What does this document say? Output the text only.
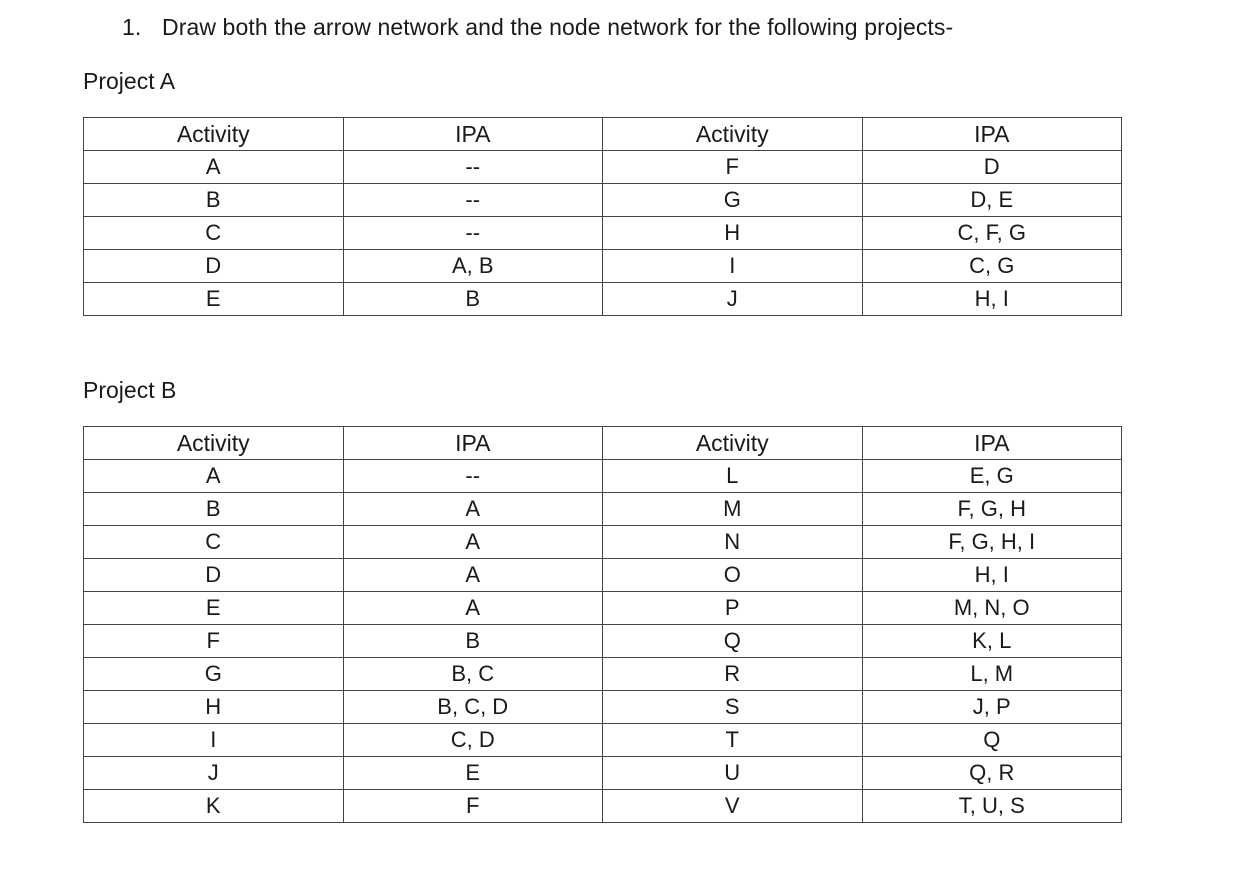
1. Draw both the arrow network and the node network for the following projects-
Project A
Activity	IPA	Activity	IPA
A	--	F	D
B	--	G	D, E
C	--	H	C, F, G
D	A, B	I	C, G
E	B	J	H, I
Project B
Activity	IPA	Activity	IPA
A	--	L	E, G
B	A	M	F, G, H
C	A	N	F, G, H, I
D	A	O	H, I
E	A	P	M, N, O
F	B	Q	K, L
G	B, C	R	L, M
H	B, C, D	S	J, P
I	C, D	T	Q
J	E	U	Q, R
K	F	V	T, U, S
